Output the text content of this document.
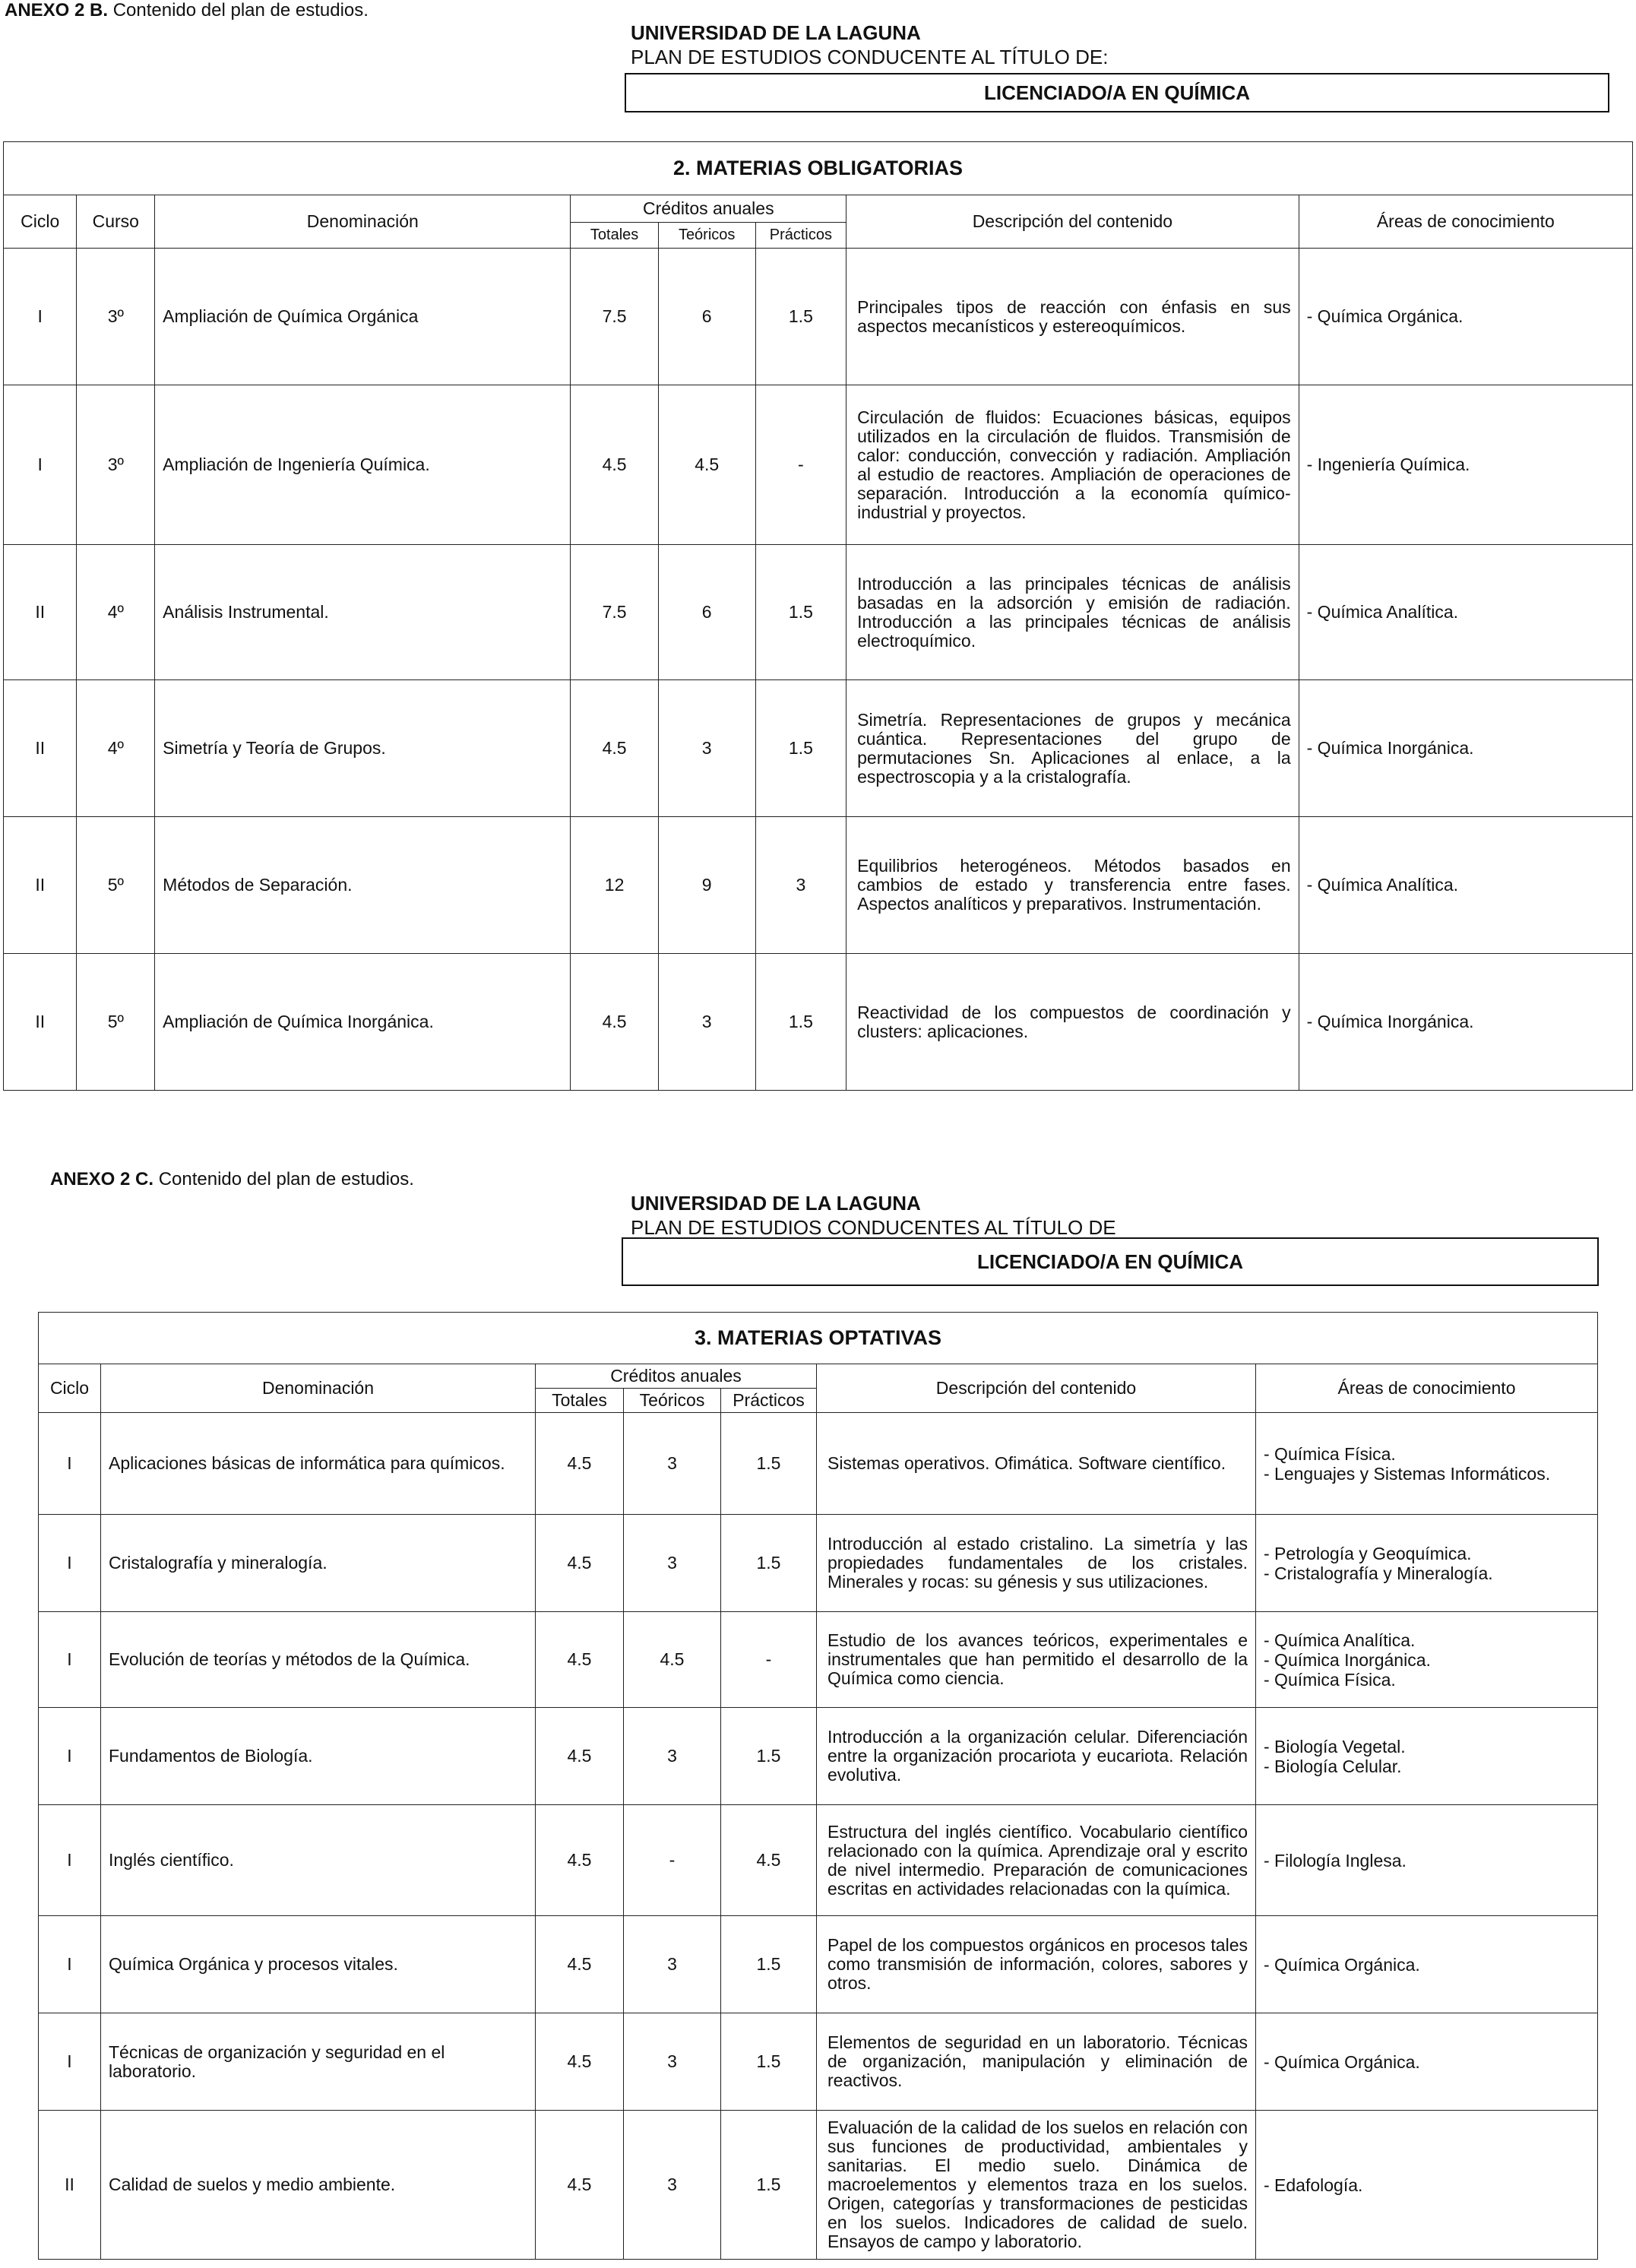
ANEXO 2 B. Contenido del plan de estudios.
UNIVERSIDAD DE LA LAGUNA
PLAN DE ESTUDIOS CONDUCENTE AL TÍTULO DE:
LICENCIADO/A EN QUÍMICA
2. MATERIAS OBLIGATORIAS							
Ciclo	Curso	Denominación	Créditos anuales			Descripción del contenido	Áreas de conocimiento
			Totales	Teóricos	Prácticos		
I	3º	Ampliación de Química Orgánica	7.5	6	1.5	Principales tipos de reacción con énfasis en sus aspectos mecanísticos y estereoquímicos.	- Química Orgánica.
I	3º	Ampliación de Ingeniería Química.	4.5	4.5	-	Circulación de fluidos: Ecuaciones básicas, equipos utilizados en la circulación de fluidos. Transmisión de calor: conducción, convección y radiación. Ampliación al estudio de reactores. Ampliación de operaciones de separación. Introducción a la economía químico-industrial y proyectos.	- Ingeniería Química.
II	4º	Análisis Instrumental.	7.5	6	1.5	Introducción a las principales técnicas de análisis basadas en la adsorción y emisión de radiación. Introducción a las principales técnicas de análisis electroquímico.	- Química Analítica.
II	4º	Simetría y Teoría de Grupos.	4.5	3	1.5	Simetría. Representaciones de grupos y mecánica cuántica. Representaciones del grupo de permutaciones Sn. Aplicaciones al enlace, a la espectroscopia y a la cristalografía.	- Química Inorgánica.
II	5º	Métodos de Separación.	12	9	3	Equilibrios heterogéneos. Métodos basados en cambios de estado y transferencia entre fases. Aspectos analíticos y preparativos. Instrumentación.	- Química Analítica.
II	5º	Ampliación de Química Inorgánica.	4.5	3	1.5	Reactividad de los compuestos de coordinación y clusters: aplicaciones.	- Química Inorgánica.
ANEXO 2 C. Contenido del plan de estudios.
UNIVERSIDAD DE LA LAGUNA
PLAN DE ESTUDIOS CONDUCENTES AL TÍTULO DE
LICENCIADO/A EN QUÍMICA
3. MATERIAS OPTATIVAS						
Ciclo	Denominación	Créditos anuales			Descripción del contenido	Áreas de conocimiento
		Totales	Teóricos	Prácticos		
I	Aplicaciones básicas de informática para químicos.	4.5	3	1.5	Sistemas operativos. Ofimática. Software científico.	- Química Física.
- Lenguajes y Sistemas Informáticos.

I	Cristalografía y mineralogía.	4.5	3	1.5	Introducción al estado cristalino. La simetría y las propiedades fundamentales de los cristales. Minerales y rocas: su génesis y sus utilizaciones.	- Petrología y Geoquímica.
- Cristalografía y Mineralogía.

I	Evolución de teorías y métodos de la Química.	4.5	4.5	-	Estudio de los avances teóricos, experimentales e instrumentales que han permitido el desarrollo de la Química como ciencia.	- Química Analítica.
- Química Inorgánica.
- Química Física.

I	Fundamentos de Biología.	4.5	3	1.5	Introducción a la organización celular. Diferenciación entre la organización procariota y eucariota. Relación evolutiva.	- Biología Vegetal.
- Biología Celular.

I	Inglés científico.	4.5	-	4.5	Estructura del inglés científico. Vocabulario científico relacionado con la química. Aprendizaje oral y escrito de nivel intermedio. Preparación de comunicaciones escritas en actividades relacionadas con la química.	- Filología Inglesa.

I	Química Orgánica y procesos vitales.	4.5	3	1.5	Papel de los compuestos orgánicos en procesos tales como transmisión de información, colores, sabores y otros.	- Química Orgánica.

I	Técnicas de organización y seguridad en el laboratorio.	4.5	3	1.5	Elementos de seguridad en un laboratorio. Técnicas de organización, manipulación y eliminación de reactivos.	- Química Orgánica.

II	Calidad de suelos y medio ambiente.	4.5	3	1.5	Evaluación de la calidad de los suelos en relación con sus funciones de productividad, ambientales y sanitarias. El medio suelo. Dinámica de macroelementos y elementos traza en los suelos. Origen, categorías y transformaciones de pesticidas en los suelos. Indicadores de calidad de suelo. Ensayos de campo y laboratorio.	- Edafología.
